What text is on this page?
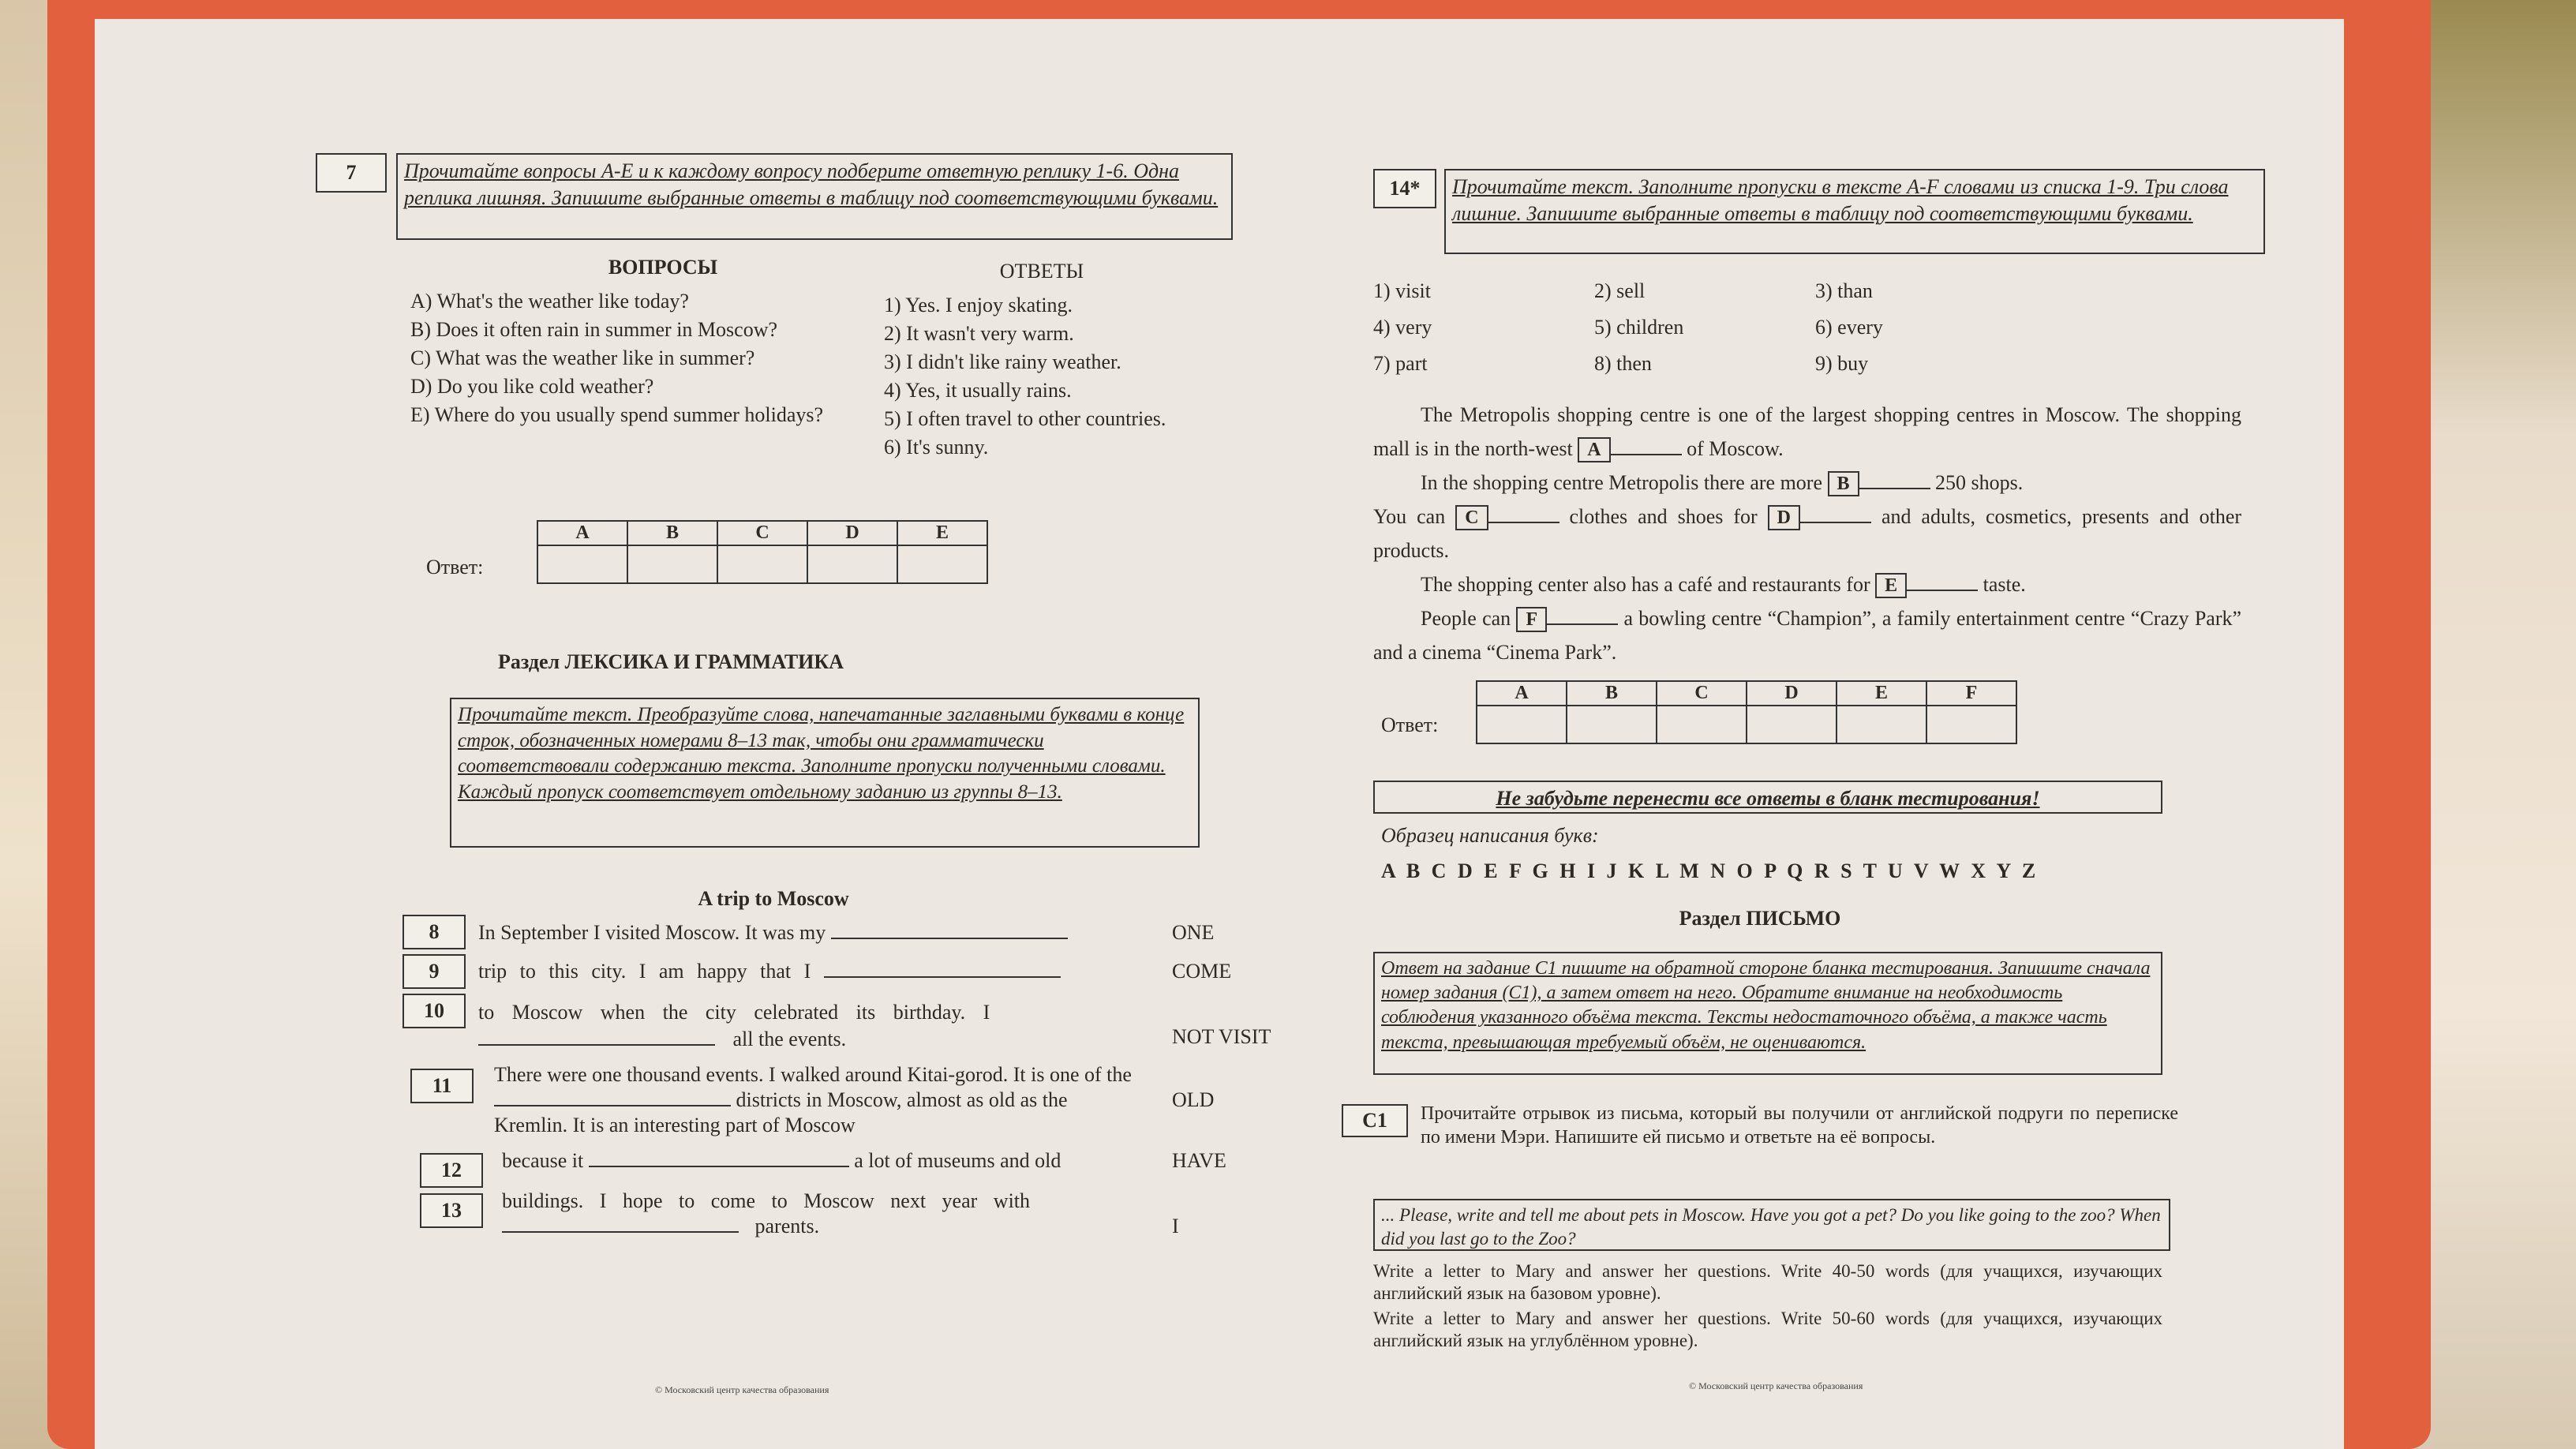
7	Прочитайте вопросы А-Е и к каждому вопросу подберите ответную реплику 1-6. Одна реплика лишняя. Запишите выбранные ответы в таблицу под соответствующими буквами.
ВОПРОСЫ	ОТВЕТЫ
A) What's the weather like today?
B) Does it often rain in summer in Moscow?
C) What was the weather like in summer?
D) Do you like cold weather?
E) Where do you usually spend summer holidays?
1) Yes. I enjoy skating.
2) It wasn't very warm.
3) I didn't like rainy weather.
4) Yes, it usually rains.
5) I often travel to other countries.
6) It's sunny.
Ответ:
A	B	C	D	E

Раздел ЛЕКСИКА И ГРАММАТИКА
Прочитайте текст. Преобразуйте слова, напечатанные заглавными буквами в конце строк, обозначенных номерами 8–13 так, чтобы они грамматически соответствовали содержанию текста. Заполните пропуски полученными словами. Каждый пропуск соответствует отдельному заданию из группы 8–13.
A trip to Moscow
8	In September I visited Moscow. It was my	ONE
9	trip to this city. I am happy that I	COME
10	to Moscow when the city celebrated its birthday. I  all the events.	NOT VISIT
11	There were one thousand events. I walked around Kitai-gorod. It is one of the  districts in Moscow, almost as old as the Kremlin. It is an interesting part of Moscow
OLD
12	because it	a lot of museums and old	HAVE
13	buildings. I hope to come to Moscow next year with  parents.	I
© Московский центр качества образования
14*	Прочитайте текст. Заполните пропуски в тексте A-F словами из списка 1-9. Три слова лишние. Запишите выбранные ответы в таблицу под соответствующими буквами.
1) visit	2) sell	3) than
4) very	5) children	6) every
7) part	8) then	9) buy
The Metropolis shopping centre is one of the largest shopping centres in Moscow. The shopping mall is in the north-west A	of Moscow.
In the shopping centre Metropolis there are more B	250 shops.
You can C	clothes and shoes for D	and adults, cosmetics, presents and other products.
The shopping center also has a café and restaurants for E	taste.
People can F	a bowling centre “Champion”, a family entertainment centre “Crazy Park” and a cinema “Cinema Park”.
Ответ:
A	B	C	D	E	F

Не забудьте перенести все ответы в бланк тестирования!
Образец написания букв:
A B C D E F G H I J K L M N O P Q R S T U V W X Y Z
Раздел ПИСЬМО
Ответ на задание C1 пишите на обратной стороне бланка тестирования. Запишите сначала номер задания (C1), а затем ответ на него. Обратите внимание на необходимость соблюдения указанного объёма текста. Тексты недостаточного объёма, а также часть текста, превышающая требуемый объём, не оцениваются.
C1	Прочитайте отрывок из письма, который вы получили от английской подруги по переписке по имени Мэри. Напишите ей письмо и ответьте на её вопросы.
... Please, write and tell me about pets in Moscow. Have you got a pet? Do you like going to the zoo? When did you last go to the Zoo?
Write a letter to Mary and answer her questions. Write 40-50 words (для учащихся, изучающих английский язык на базовом уровне).
Write a letter to Mary and answer her questions. Write 50-60 words (для учащихся, изучающих английский язык на углублённом уровне).
© Московский центр качества образования
